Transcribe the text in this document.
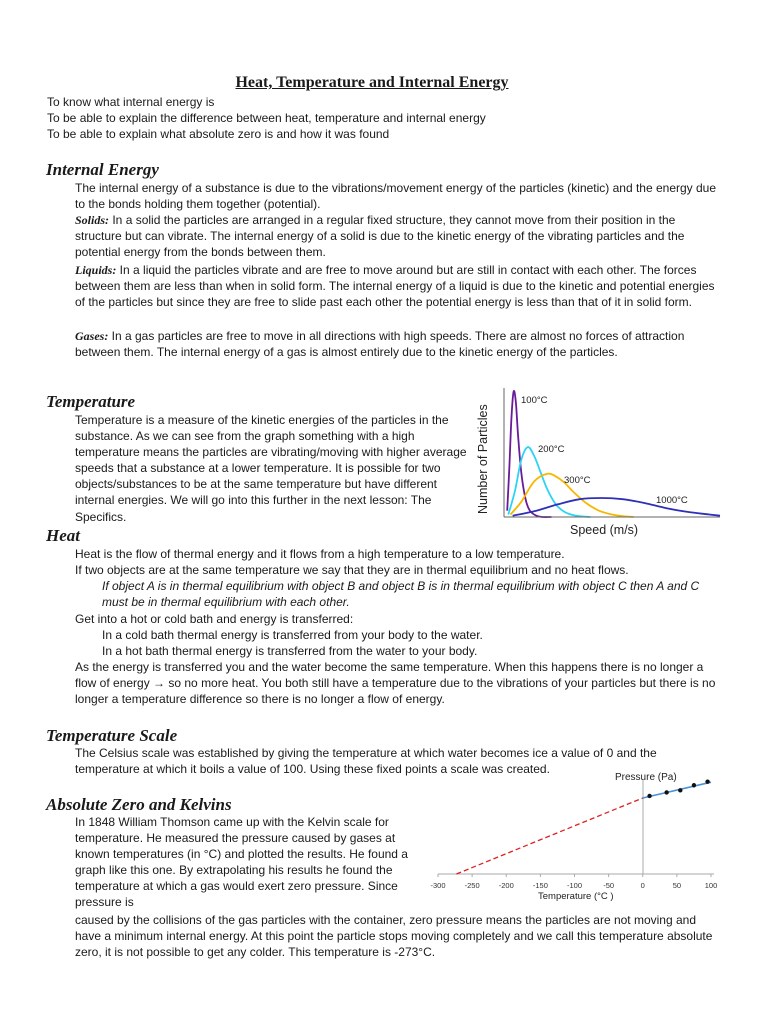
Heat, Temperature and Internal Energy
To know what internal energy is
To be able to explain the difference between heat, temperature and internal energy
To be able to explain what absolute zero is and how it was found
Internal Energy

The internal energy of a substance is due to the vibrations/movement energy of the particles (kinetic) and the energy due to the bonds holding them together (potential).

Solids: In a solid the particles are arranged in a regular fixed structure, they cannot move from their position in the structure but can vibrate. The internal energy of a solid is due to the kinetic energy of the vibrating particles and the potential energy from the bonds between them.

Liquids: In a liquid the particles vibrate and are free to move around but are still in contact with each other. The forces between them are less than when in solid form. The internal energy of a liquid is due to the kinetic and potential energies of the particles but since they are free to slide past each other the potential energy is less than that of it in solid form.

Gases: In a gas particles are free to move in all directions with high speeds. There are almost no forces of attraction between them. The internal energy of a gas is almost entirely due to the kinetic energy of the particles.

Temperature

Temperature is a measure of the kinetic energies of the particles in the substance. As we can see from the graph something with a high temperature means the particles are vibrating/moving with higher average speeds that a substance at a lower temperature. It is possible for two objects/substances to be at the same temperature but have different internal energies. We will go into this further in the next lesson: The Specifics.

Number of Particles
Speed (m/s)
100°C
200°C
300°C
1000°C
Heat

Heat is the flow of thermal energy and it flows from a high temperature to a low temperature.

If two objects are at the same temperature we say that they are in thermal equilibrium and no heat flows.

If object A is in thermal equilibrium with object B and object B is in thermal equilibrium with object C then A and C must be in thermal equilibrium with each other.

Get into a hot or cold bath and energy is transferred:

In a cold bath thermal energy is transferred from your body to the water.

In a hot bath thermal energy is transferred from the water to your body.

As the energy is transferred you and the water become the same temperature. When this happens there is no longer a flow of energy → so no more heat. You both still have a temperature due to the vibrations of your particles but there is no longer a temperature difference so there is no longer a flow of energy.

Temperature Scale

The Celsius scale was established by giving the temperature at which water becomes ice a value of 0 and the temperature at which it boils a value of 100. Using these fixed points a scale was created.

Absolute Zero and Kelvins

In 1848 William Thomson came up with the Kelvin scale for temperature. He measured the pressure caused by gases at known temperatures (in °C) and plotted the results. He found a graph like this one. By extrapolating his results he found the temperature at which a gas would exert zero pressure. Since pressure is

caused by the collisions of the gas particles with the container, zero pressure means the particles are not moving and have a minimum internal energy. At this point the particle stops moving completely and we call this temperature absolute zero, it is not possible to get any colder. This temperature is -273°C.

-300	-250	-200	-150	-100	-50	0	50	100
Pressure (Pa)
Temperature (°C )
